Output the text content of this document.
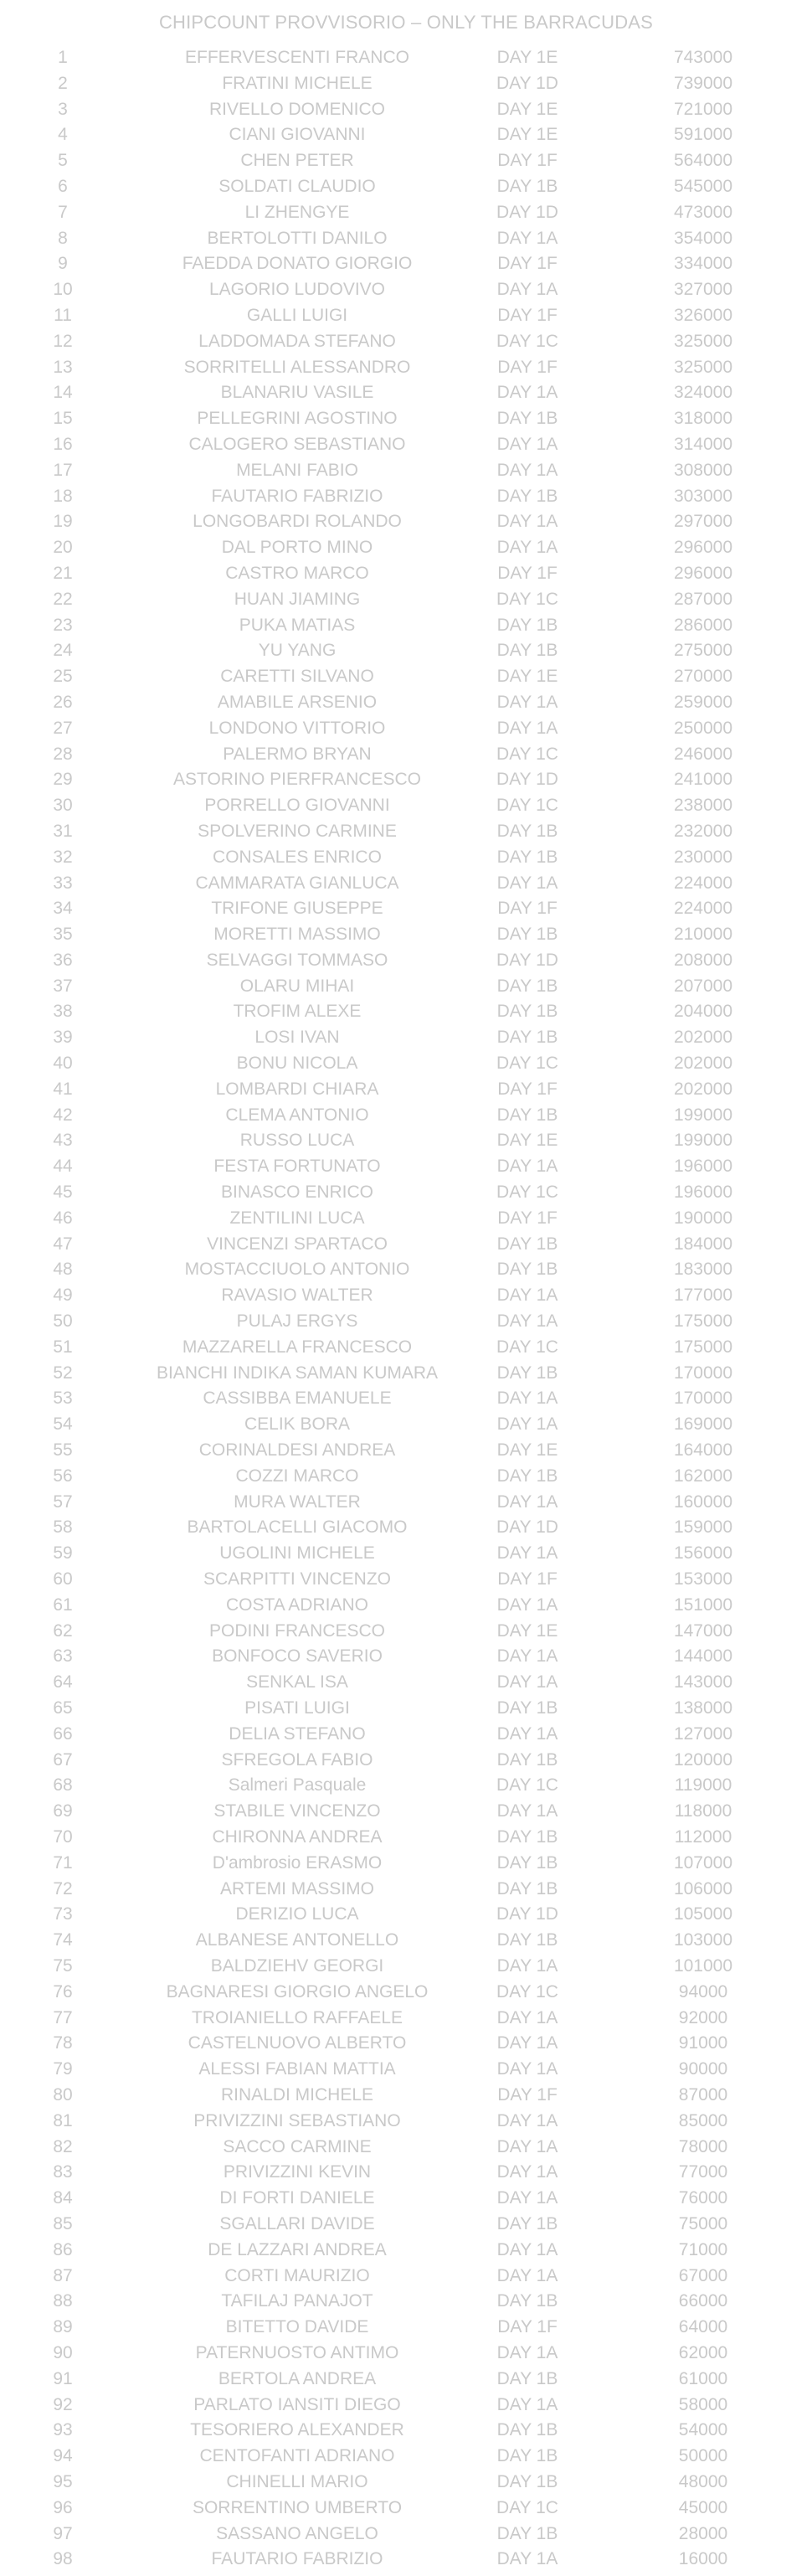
CHIPCOUNT PROVVISORIO – ONLY THE BARRACUDAS
1	EFFERVESCENTI FRANCO	DAY 1E	743000
2	FRATINI MICHELE	DAY 1D	739000
3	RIVELLO DOMENICO	DAY 1E	721000
4	CIANI GIOVANNI	DAY 1E	591000
5	CHEN PETER	DAY 1F	564000
6	SOLDATI CLAUDIO	DAY 1B	545000
7	LI ZHENGYE	DAY 1D	473000
8	BERTOLOTTI DANILO	DAY 1A	354000
9	FAEDDA DONATO GIORGIO	DAY 1F	334000
10	LAGORIO LUDOVIVO	DAY 1A	327000
11	GALLI LUIGI	DAY 1F	326000
12	LADDOMADA STEFANO	DAY 1C	325000
13	SORRITELLI ALESSANDRO	DAY 1F	325000
14	BLANARIU VASILE	DAY 1A	324000
15	PELLEGRINI AGOSTINO	DAY 1B	318000
16	CALOGERO SEBASTIANO	DAY 1A	314000
17	MELANI FABIO	DAY 1A	308000
18	FAUTARIO FABRIZIO	DAY 1B	303000
19	LONGOBARDI ROLANDO	DAY 1A	297000
20	DAL PORTO MINO	DAY 1A	296000
21	CASTRO MARCO	DAY 1F	296000
22	HUAN JIAMING	DAY 1C	287000
23	PUKA MATIAS	DAY 1B	286000
24	YU YANG	DAY 1B	275000
25	CARETTI SILVANO	DAY 1E	270000
26	AMABILE ARSENIO	DAY 1A	259000
27	LONDONO VITTORIO	DAY 1A	250000
28	PALERMO BRYAN	DAY 1C	246000
29	ASTORINO PIERFRANCESCO	DAY 1D	241000
30	PORRELLO GIOVANNI	DAY 1C	238000
31	SPOLVERINO CARMINE	DAY 1B	232000
32	CONSALES ENRICO	DAY 1B	230000
33	CAMMARATA GIANLUCA	DAY 1A	224000
34	TRIFONE GIUSEPPE	DAY 1F	224000
35	MORETTI MASSIMO	DAY 1B	210000
36	SELVAGGI TOMMASO	DAY 1D	208000
37	OLARU MIHAI	DAY 1B	207000
38	TROFIM ALEXE	DAY 1B	204000
39	LOSI IVAN	DAY 1B	202000
40	BONU NICOLA	DAY 1C	202000
41	LOMBARDI CHIARA	DAY 1F	202000
42	CLEMA ANTONIO	DAY 1B	199000
43	RUSSO LUCA	DAY 1E	199000
44	FESTA FORTUNATO	DAY 1A	196000
45	BINASCO ENRICO	DAY 1C	196000
46	ZENTILINI LUCA	DAY 1F	190000
47	VINCENZI SPARTACO	DAY 1B	184000
48	MOSTACCIUOLO ANTONIO	DAY 1B	183000
49	RAVASIO WALTER	DAY 1A	177000
50	PULAJ ERGYS	DAY 1A	175000
51	MAZZARELLA FRANCESCO	DAY 1C	175000
52	BIANCHI INDIKA SAMAN KUMARA	DAY 1B	170000
53	CASSIBBA EMANUELE	DAY 1A	170000
54	CELIK BORA	DAY 1A	169000
55	CORINALDESI ANDREA	DAY 1E	164000
56	COZZI MARCO	DAY 1B	162000
57	MURA WALTER	DAY 1A	160000
58	BARTOLACELLI GIACOMO	DAY 1D	159000
59	UGOLINI MICHELE	DAY 1A	156000
60	SCARPITTI VINCENZO	DAY 1F	153000
61	COSTA ADRIANO	DAY 1A	151000
62	PODINI FRANCESCO	DAY 1E	147000
63	BONFOCO SAVERIO	DAY 1A	144000
64	SENKAL ISA	DAY 1A	143000
65	PISATI LUIGI	DAY 1B	138000
66	DELIA STEFANO	DAY 1A	127000
67	SFREGOLA FABIO	DAY 1B	120000
68	Salmeri Pasquale	DAY 1C	119000
69	STABILE VINCENZO	DAY 1A	118000
70	CHIRONNA ANDREA	DAY 1B	112000
71	D'ambrosio ERASMO	DAY 1B	107000
72	ARTEMI MASSIMO	DAY 1B	106000
73	DERIZIO LUCA	DAY 1D	105000
74	ALBANESE ANTONELLO	DAY 1B	103000
75	BALDZIEHV GEORGI	DAY 1A	101000
76	BAGNARESI GIORGIO ANGELO	DAY 1C	94000
77	TROIANIELLO RAFFAELE	DAY 1A	92000
78	CASTELNUOVO ALBERTO	DAY 1A	91000
79	ALESSI FABIAN MATTIA	DAY 1A	90000
80	RINALDI MICHELE	DAY 1F	87000
81	PRIVIZZINI SEBASTIANO	DAY 1A	85000
82	SACCO CARMINE	DAY 1A	78000
83	PRIVIZZINI KEVIN	DAY 1A	77000
84	DI FORTI DANIELE	DAY 1A	76000
85	SGALLARI DAVIDE	DAY 1B	75000
86	DE LAZZARI ANDREA	DAY 1A	71000
87	CORTI MAURIZIO	DAY 1A	67000
88	TAFILAJ PANAJOT	DAY 1B	66000
89	BITETTO DAVIDE	DAY 1F	64000
90	PATERNUOSTO ANTIMO	DAY 1A	62000
91	BERTOLA ANDREA	DAY 1B	61000
92	PARLATO IANSITI DIEGO	DAY 1A	58000
93	TESORIERO ALEXANDER	DAY 1B	54000
94	CENTOFANTI ADRIANO	DAY 1B	50000
95	CHINELLI MARIO	DAY 1B	48000
96	SORRENTINO UMBERTO	DAY 1C	45000
97	SASSANO ANGELO	DAY 1B	28000
98	FAUTARIO FABRIZIO	DAY 1A	16000
